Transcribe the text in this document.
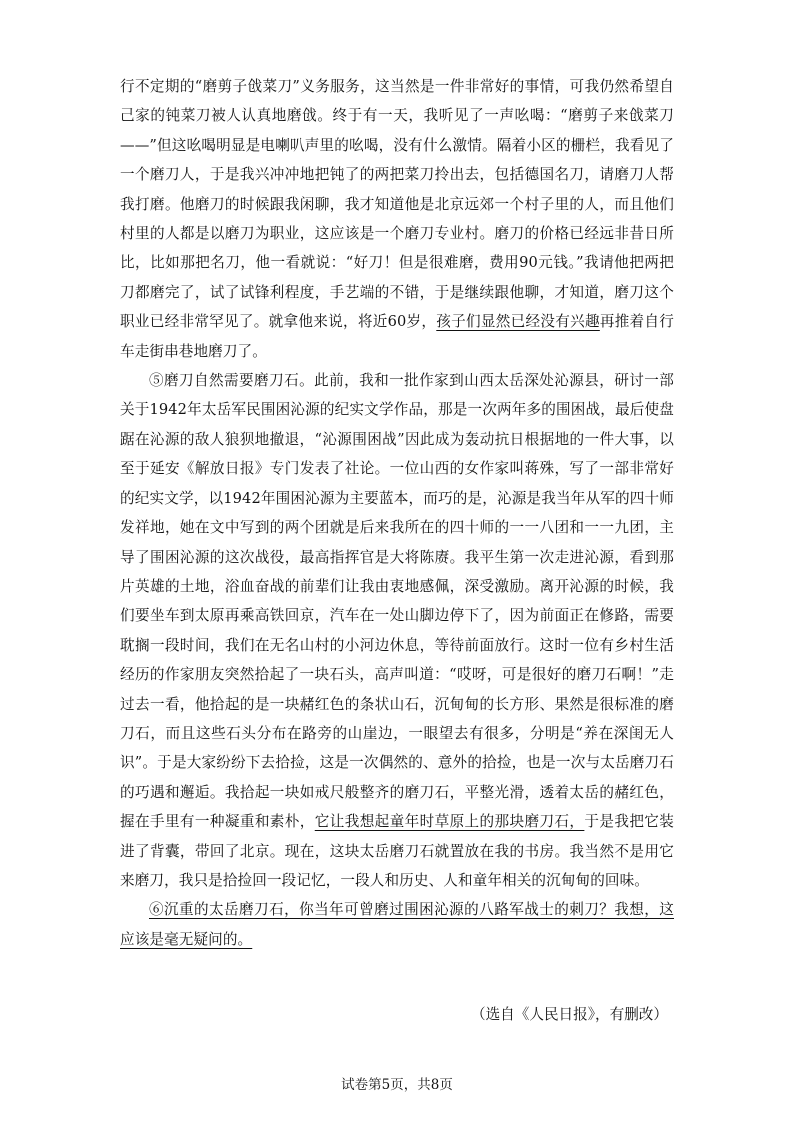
行不定期的“磨剪子戗菜刀”义务服务，这当然是一件非常好的事情，可我仍然希望自己家的钝菜刀被人认真地磨戗。终于有一天，我听见了一声吆喝：“磨剪子来戗菜刀——”但这吆喝明显是电喇叭声里的吆喝，没有什么激情。隔着小区的栅栏，我看见了一个磨刀人，于是我兴冲冲地把钝了的两把菜刀拎出去，包括德国名刀，请磨刀人帮我打磨。他磨刀的时候跟我闲聊，我才知道他是北京远郊一个村子里的人，而且他们村里的人都是以磨刀为职业，这应该是一个磨刀专业村。磨刀的价格已经远非昔日所比，比如那把名刀，他一看就说：“好刀！但是很难磨，费用90元钱。”我请他把两把刀都磨完了，试了试锋利程度，手艺端的不错，于是继续跟他聊，才知道，磨刀这个职业已经非常罕见了。就拿他来说，将近60岁，孩子们显然已经没有兴趣再推着自行车走街串巷地磨刀了。

⑤磨刀自然需要磨刀石。此前，我和一批作家到山西太岳深处沁源县，研讨一部关于1942年太岳军民围困沁源的纪实文学作品，那是一次两年多的围困战，最后使盘踞在沁源的敌人狼狈地撤退，“沁源围困战”因此成为轰动抗日根据地的一件大事，以至于延安《解放日报》专门发表了社论。一位山西的女作家叫蒋殊，写了一部非常好的纪实文学，以1942年围困沁源为主要蓝本，而巧的是，沁源是我当年从军的四十师发祥地，她在文中写到的两个团就是后来我所在的四十师的一一八团和一一九团，主导了围困沁源的这次战役，最高指挥官是大将陈赓。我平生第一次走进沁源，看到那片英雄的土地，浴血奋战的前辈们让我由衷地感佩，深受激励。离开沁源的时候，我们要坐车到太原再乘高铁回京，汽车在一处山脚边停下了，因为前面正在修路，需要耽搁一段时间，我们在无名山村的小河边休息，等待前面放行。这时一位有乡村生活经历的作家朋友突然拾起了一块石头，高声叫道：“哎呀，可是很好的磨刀石啊！”走过去一看，他拾起的是一块赭红色的条状山石，沉甸甸的长方形、果然是很标准的磨刀石，而且这些石头分布在路旁的山崖边，一眼望去有很多，分明是“养在深闺无人识”。于是大家纷纷下去拾捡，这是一次偶然的、意外的拾捡，也是一次与太岳磨刀石的巧遇和邂逅。我拾起一块如戒尺般整齐的磨刀石，平整光滑，透着太岳的赭红色，握在手里有一种凝重和素朴，它让我想起童年时草原上的那块磨刀石，于是我把它装进了背囊，带回了北京。现在，这块太岳磨刀石就置放在我的书房。我当然不是用它来磨刀，我只是拾捡回一段记忆，一段人和历史、人和童年相关的沉甸甸的回味。

⑥沉重的太岳磨刀石，你当年可曾磨过围困沁源的八路军战士的刺刀？我想，这应该是毫无疑问的。

（选自《人民日报》，有删改）
试卷第5页，共8页
